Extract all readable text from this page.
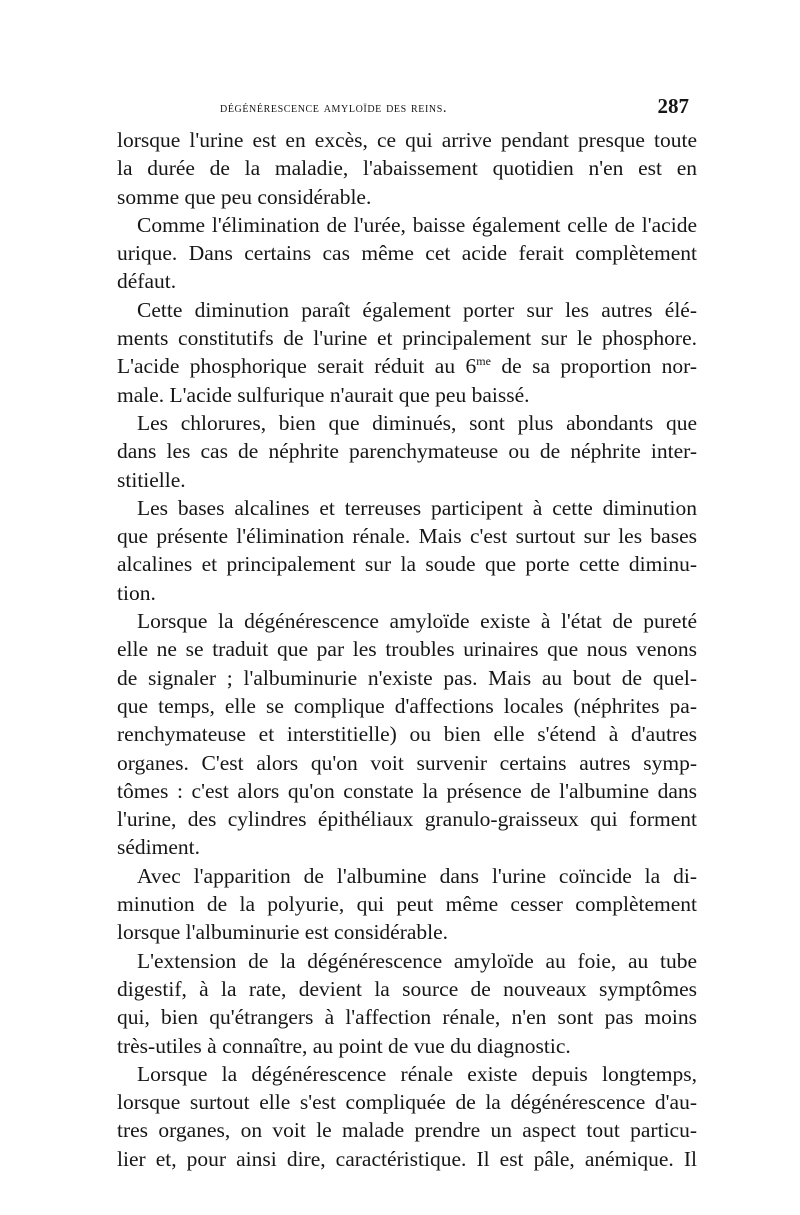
dégénérescence amyloïde des reins.	287
lorsque l'urine est en excès, ce qui arrive pendant presque toute
la durée de la maladie, l'abaissement quotidien n'en est en
somme que peu considérable.
Comme l'élimination de l'urée, baisse également celle de l'acide
urique. Dans certains cas même cet acide ferait complètement
défaut.
Cette diminution paraît également porter sur les autres élé-
ments constitutifs de l'urine et principalement sur le phosphore.
L'acide phosphorique serait réduit au $6^{me}$ de sa proportion nor-
male. L'acide sulfurique n'aurait que peu baissé.
Les chlorures, bien que diminués, sont plus abondants que
dans les cas de néphrite parenchymateuse ou de néphrite inter-
stitielle.
Les bases alcalines et terreuses participent à cette diminution
que présente l'élimination rénale. Mais c'est surtout sur les bases
alcalines et principalement sur la soude que porte cette diminu-
tion.
Lorsque la dégénérescence amyloïde existe à l'état de pureté
elle ne se traduit que par les troubles urinaires que nous venons
de signaler ; l'albuminurie n'existe pas. Mais au bout de quel-
que temps, elle se complique d'affections locales (néphrites pa-
renchymateuse et interstitielle) ou bien elle s'étend à d'autres
organes. C'est alors qu'on voit survenir certains autres symp-
tômes : c'est alors qu'on constate la présence de l'albumine dans
l'urine, des cylindres épithéliaux granulo-graisseux qui forment
sédiment.
Avec l'apparition de l'albumine dans l'urine coïncide la di-
minution de la polyurie, qui peut même cesser complètement
lorsque l'albuminurie est considérable.
L'extension de la dégénérescence amyloïde au foie, au tube
digestif, à la rate, devient la source de nouveaux symptômes
qui, bien qu'étrangers à l'affection rénale, n'en sont pas moins
très-utiles à connaître, au point de vue du diagnostic.
Lorsque la dégénérescence rénale existe depuis longtemps,
lorsque surtout elle s'est compliquée de la dégénérescence d'au-
tres organes, on voit le malade prendre un aspect tout particu-
lier et, pour ainsi dire, caractéristique. Il est pâle, anémique. Il
